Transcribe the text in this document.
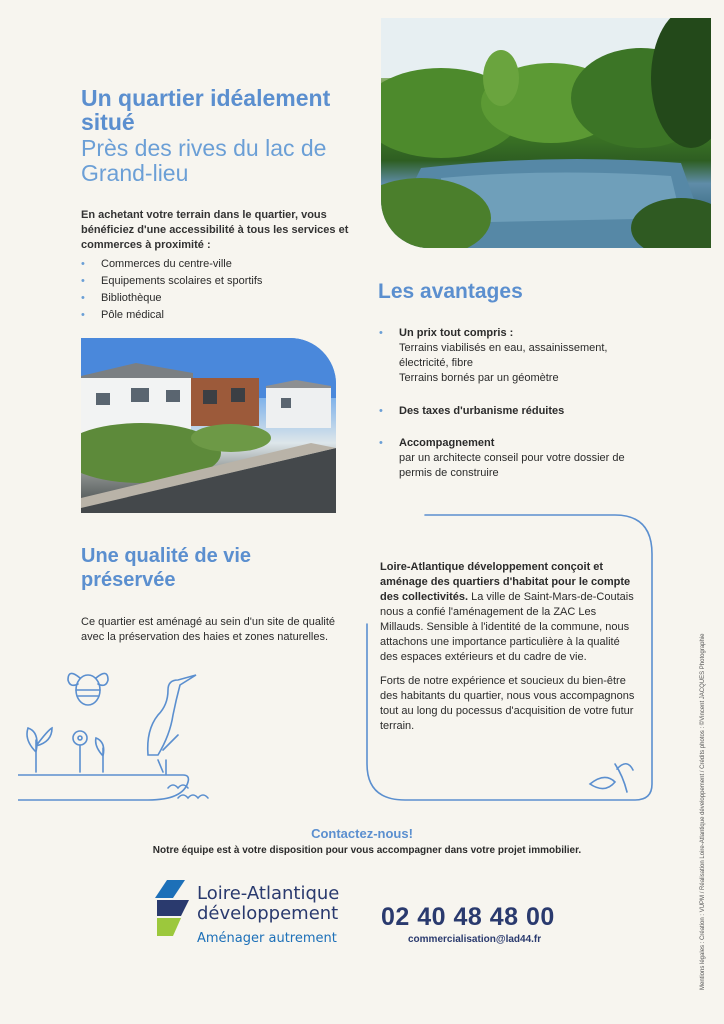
Un quartier idéalement situé
Près des rives du lac de Grand-lieu
En achetant votre terrain dans le quartier, vous bénéficiez d'une accessibilité à tous les services et commerces à proximité :
• Commerces du centre-ville
• Equipements scolaires et sportifs
• Bibliothèque
• Pôle médical
Les avantages
• Un prix tout compris :
Terrains viabilisés en eau, assainissement, électricité, fibre
Terrains bornés par un géomètre
• Des taxes d'urbanisme réduites
• Accompagnement
par un architecte conseil pour votre dossier de permis de construire
Une qualité de vie préservée
Ce quartier est aménagé au sein d'un site de qualité avec la préservation des haies et zones naturelles.
Loire-Atlantique développement conçoit et aménage des quartiers d'habitat pour le compte des collectivités. La ville de Saint-Mars-de-Coutais nous a confié l'aménagement de la ZAC Les Millauds. Sensible à l'identité de la commune, nous attachons une importance particulière à la qualité des espaces extérieurs et du cadre de vie.
Forts de notre expérience et soucieux du bien-être des habitants du quartier, nous vous accompagnons tout au long du pocessus d'acquisition de votre futur terrain.
Contactez-nous!
Notre équipe est à votre disposition pour vous accompagner dans votre projet immobilier.
Loire-Atlantique
développement
Aménager autrement
02 40 48 48 00
commercialisation@lad44.fr	Mentions légales : Création : VUPM / Réalisation Loire-Atlantique développement / Crédits photos : ©Vincent JACQUES Photographie
